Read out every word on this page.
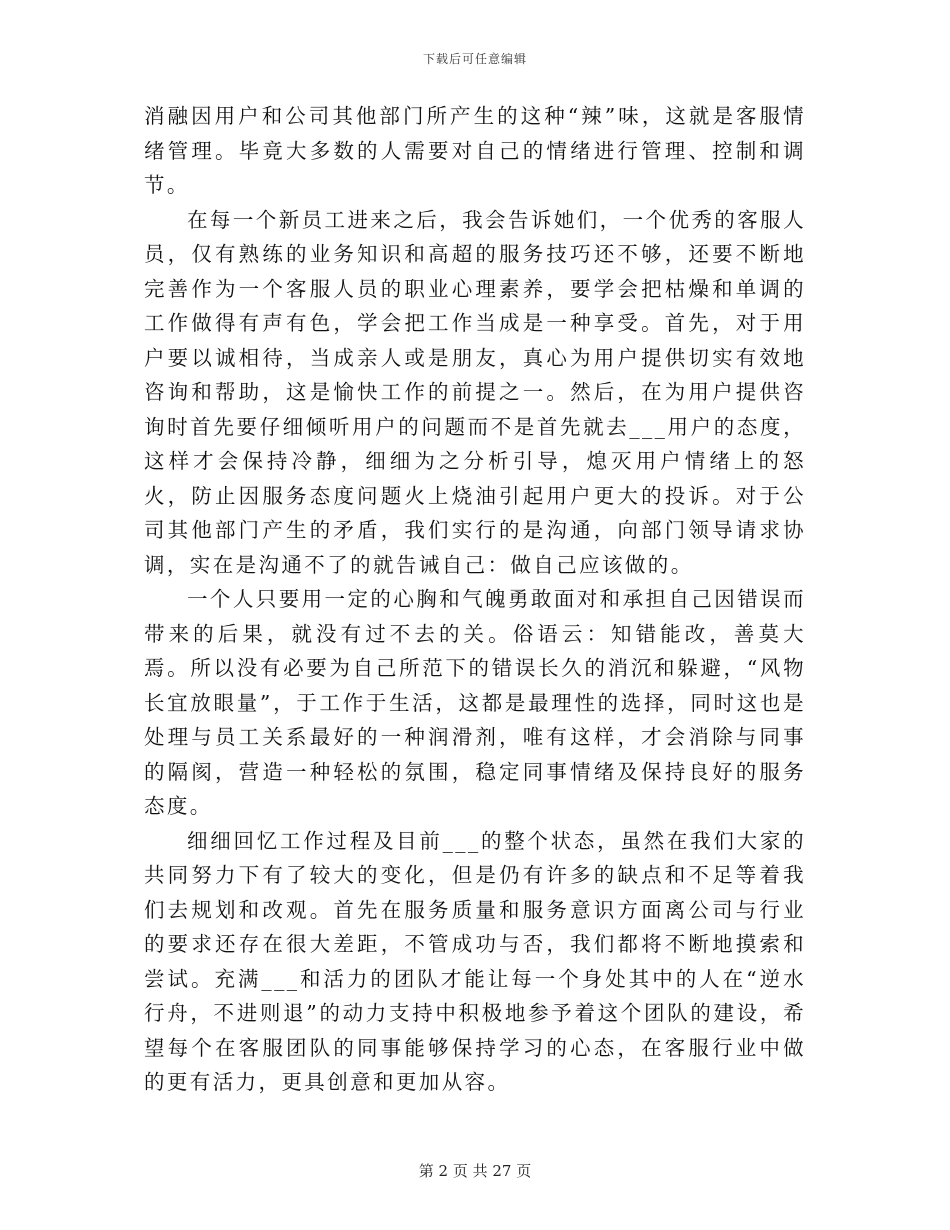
下载后可任意编辑

消融因用户和公司其他部门所产生的这种“辣”味，这就是客服情绪管理。毕竟大多数的人需要对自己的情绪进行管理、控制和调节。

在每一个新员工进来之后，我会告诉她们，一个优秀的客服人员，仅有熟练的业务知识和高超的服务技巧还不够，还要不断地完善作为一个客服人员的职业心理素养，要学会把枯燥和单调的工作做得有声有色，学会把工作当成是一种享受。首先，对于用户要以诚相待，当成亲人或是朋友，真心为用户提供切实有效地咨询和帮助，这是愉快工作的前提之一。然后，在为用户提供咨询时首先要仔细倾听用户的问题而不是首先就去___用户的态度，这样才会保持冷静，细细为之分析引导，熄灭用户情绪上的怒火，防止因服务态度问题火上烧油引起用户更大的投诉。对于公司其他部门产生的矛盾，我们实行的是沟通，向部门领导请求协调，实在是沟通不了的就告诫自己：做自己应该做的。

一个人只要用一定的心胸和气魄勇敢面对和承担自己因错误而带来的后果，就没有过不去的关。俗语云：知错能改，善莫大焉。所以没有必要为自己所范下的错误长久的消沉和躲避，“风物长宜放眼量”，于工作于生活，这都是最理性的选择，同时这也是处理与员工关系最好的一种润滑剂，唯有这样，才会消除与同事的隔阂，营造一种轻松的氛围，稳定同事情绪及保持良好的服务态度。

细细回忆工作过程及目前___的整个状态，虽然在我们大家的共同努力下有了较大的变化，但是仍有许多的缺点和不足等着我们去规划和改观。首先在服务质量和服务意识方面离公司与行业的要求还存在很大差距，不管成功与否，我们都将不断地摸索和尝试。充满___和活力的团队才能让每一个身处其中的人在“逆水行舟，不进则退”的动力支持中积极地参予着这个团队的建设，希望每个在客服团队的同事能够保持学习的心态，在客服行业中做的更有活力，更具创意和更加从容。

第 2 页 共 27 页
